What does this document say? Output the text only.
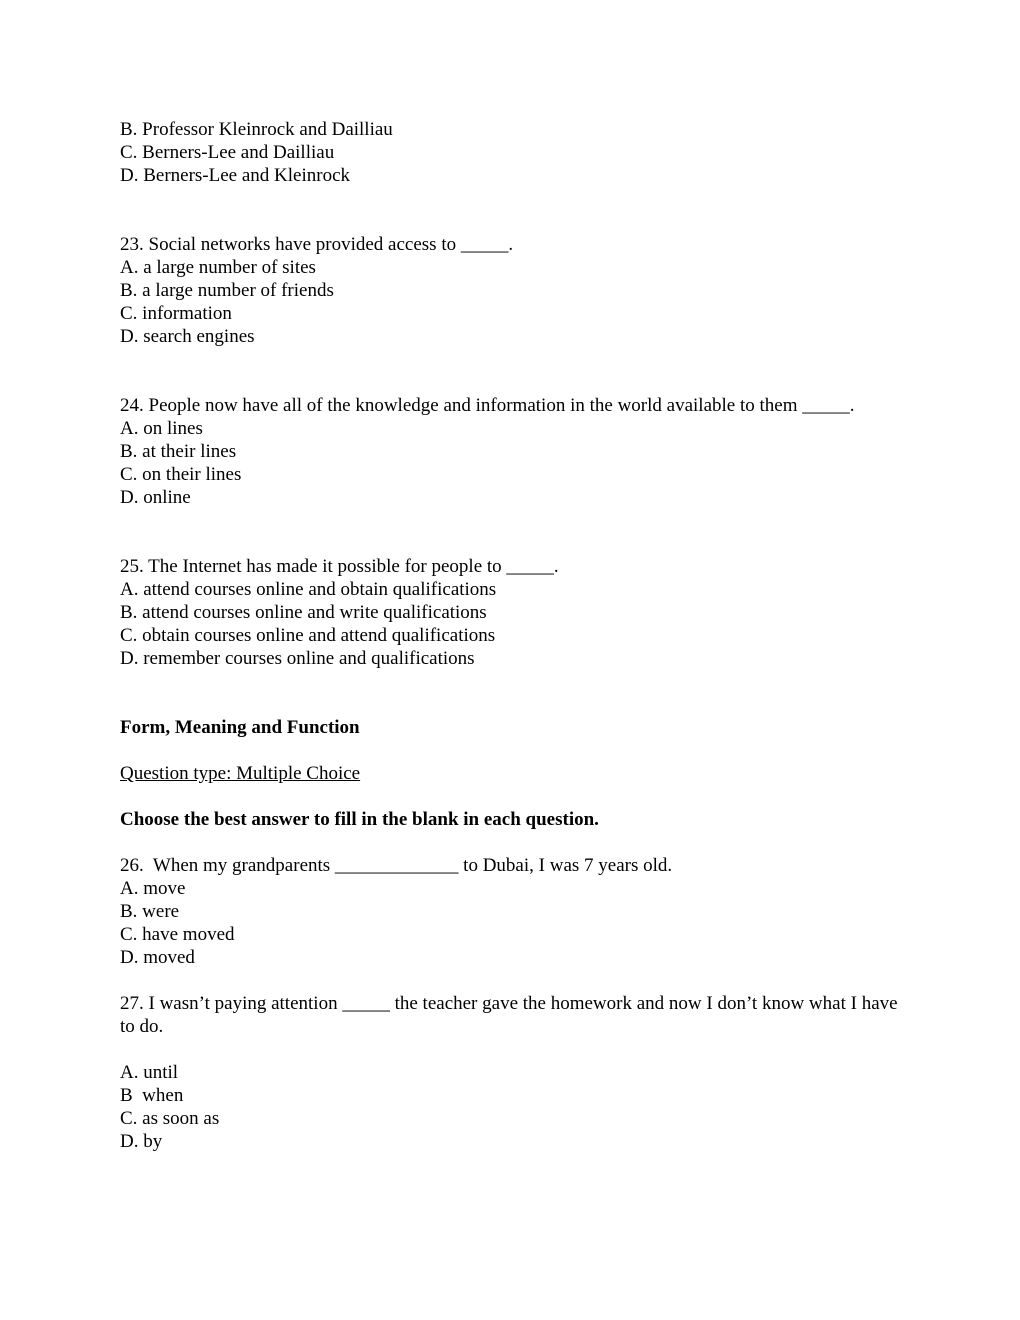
B. Professor Kleinrock and Dailliau
C. Berners-Lee and Dailliau
D. Berners-Lee and Kleinrock
23. Social networks have provided access to _____.
A. a large number of sites
B. a large number of friends
C. information
D. search engines
24. People now have all of the knowledge and information in the world available to them _____.
A. on lines
B. at their lines
C. on their lines
D. online
25. The Internet has made it possible for people to _____.
A. attend courses online and obtain qualifications
B. attend courses online and write qualifications
C. obtain courses online and attend qualifications
D. remember courses online and qualifications
Form, Meaning and Function
Question type: Multiple Choice
Choose the best answer to fill in the blank in each question.
26.  When my grandparents _____________ to Dubai, I was 7 years old.
A. move
B. were
C. have moved
D. moved
27. I wasn’t paying attention _____ the teacher gave the homework and now I don’t know what I have to do.
A. until
B  when
C. as soon as
D. by
